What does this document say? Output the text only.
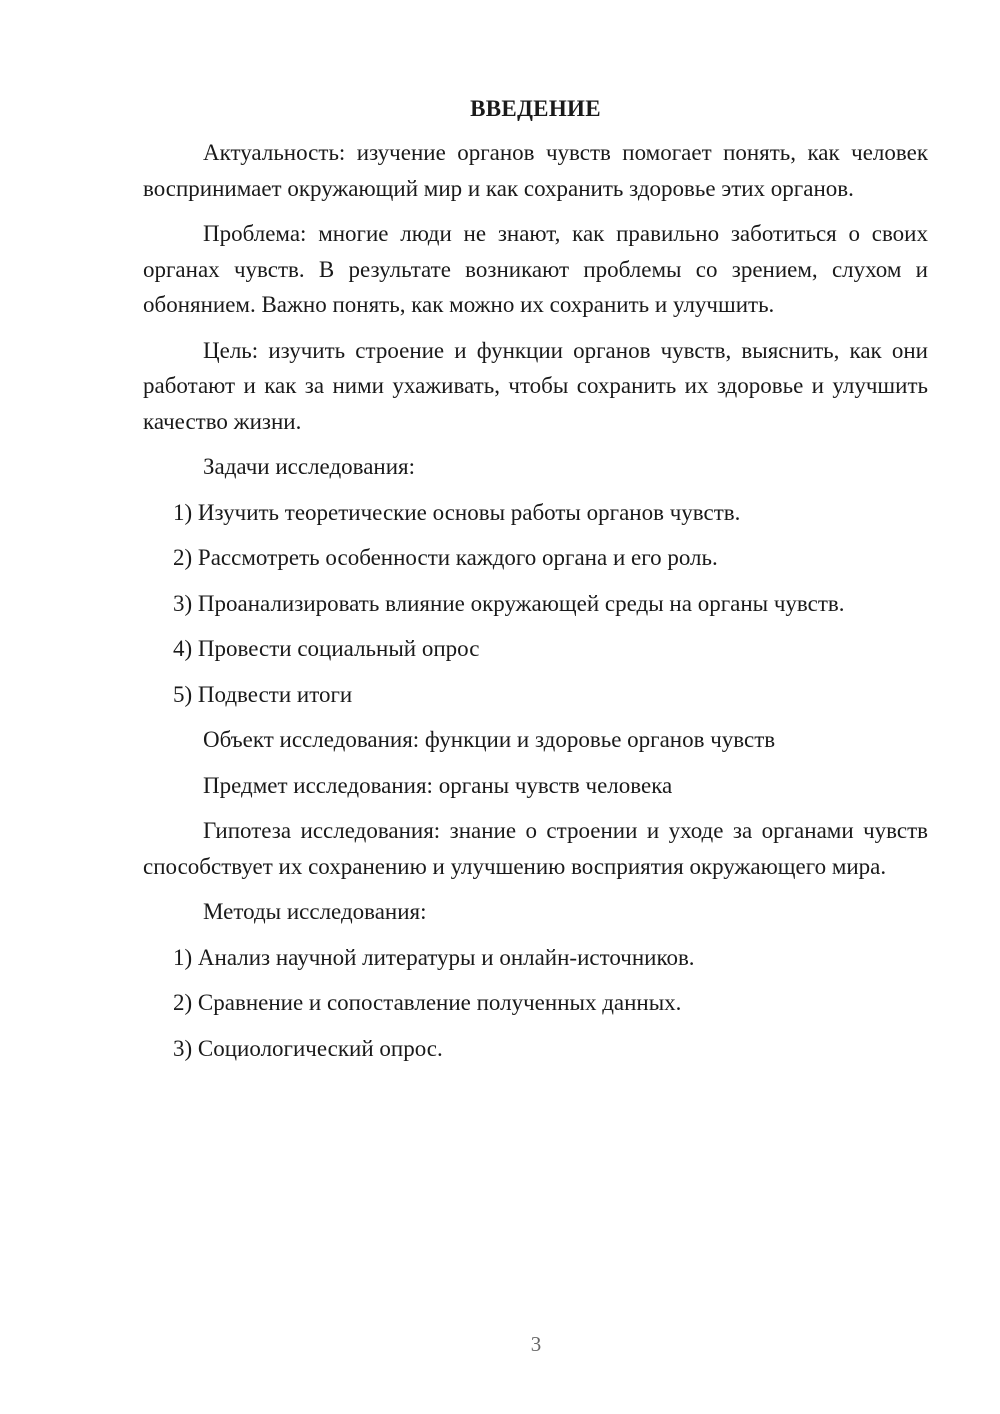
ВВЕДЕНИЕ

Актуальность: изучение органов чувств помогает понять, как человек воспринимает окружающий мир и как сохранить здоровье этих органов.

Проблема: многие люди не знают, как правильно заботиться о своих органах чувств. В результате возникают проблемы со зрением, слухом и обонянием. Важно понять, как можно их сохранить и улучшить.

Цель: изучить строение и функции органов чувств, выяснить, как они работают и как за ними ухаживать, чтобы сохранить их здоровье и улучшить качество жизни.

Задачи исследования:
1) Изучить теоретические основы работы органов чувств.
2) Рассмотреть особенности каждого органа и его роль.
3) Проанализировать влияние окружающей среды на органы чувств.
4) Провести социальный опрос
5) Подвести итоги
Объект исследования: функции и здоровье органов чувств
Предмет исследования: органы чувств человека

Гипотеза исследования: знание о строении и уходе за органами чувств способствует их сохранению и улучшению восприятия окружающего мира.

Методы исследования:
1) Анализ научной литературы и онлайн-источников.
2) Сравнение и сопоставление полученных данных.
3) Социологический опрос.
3
